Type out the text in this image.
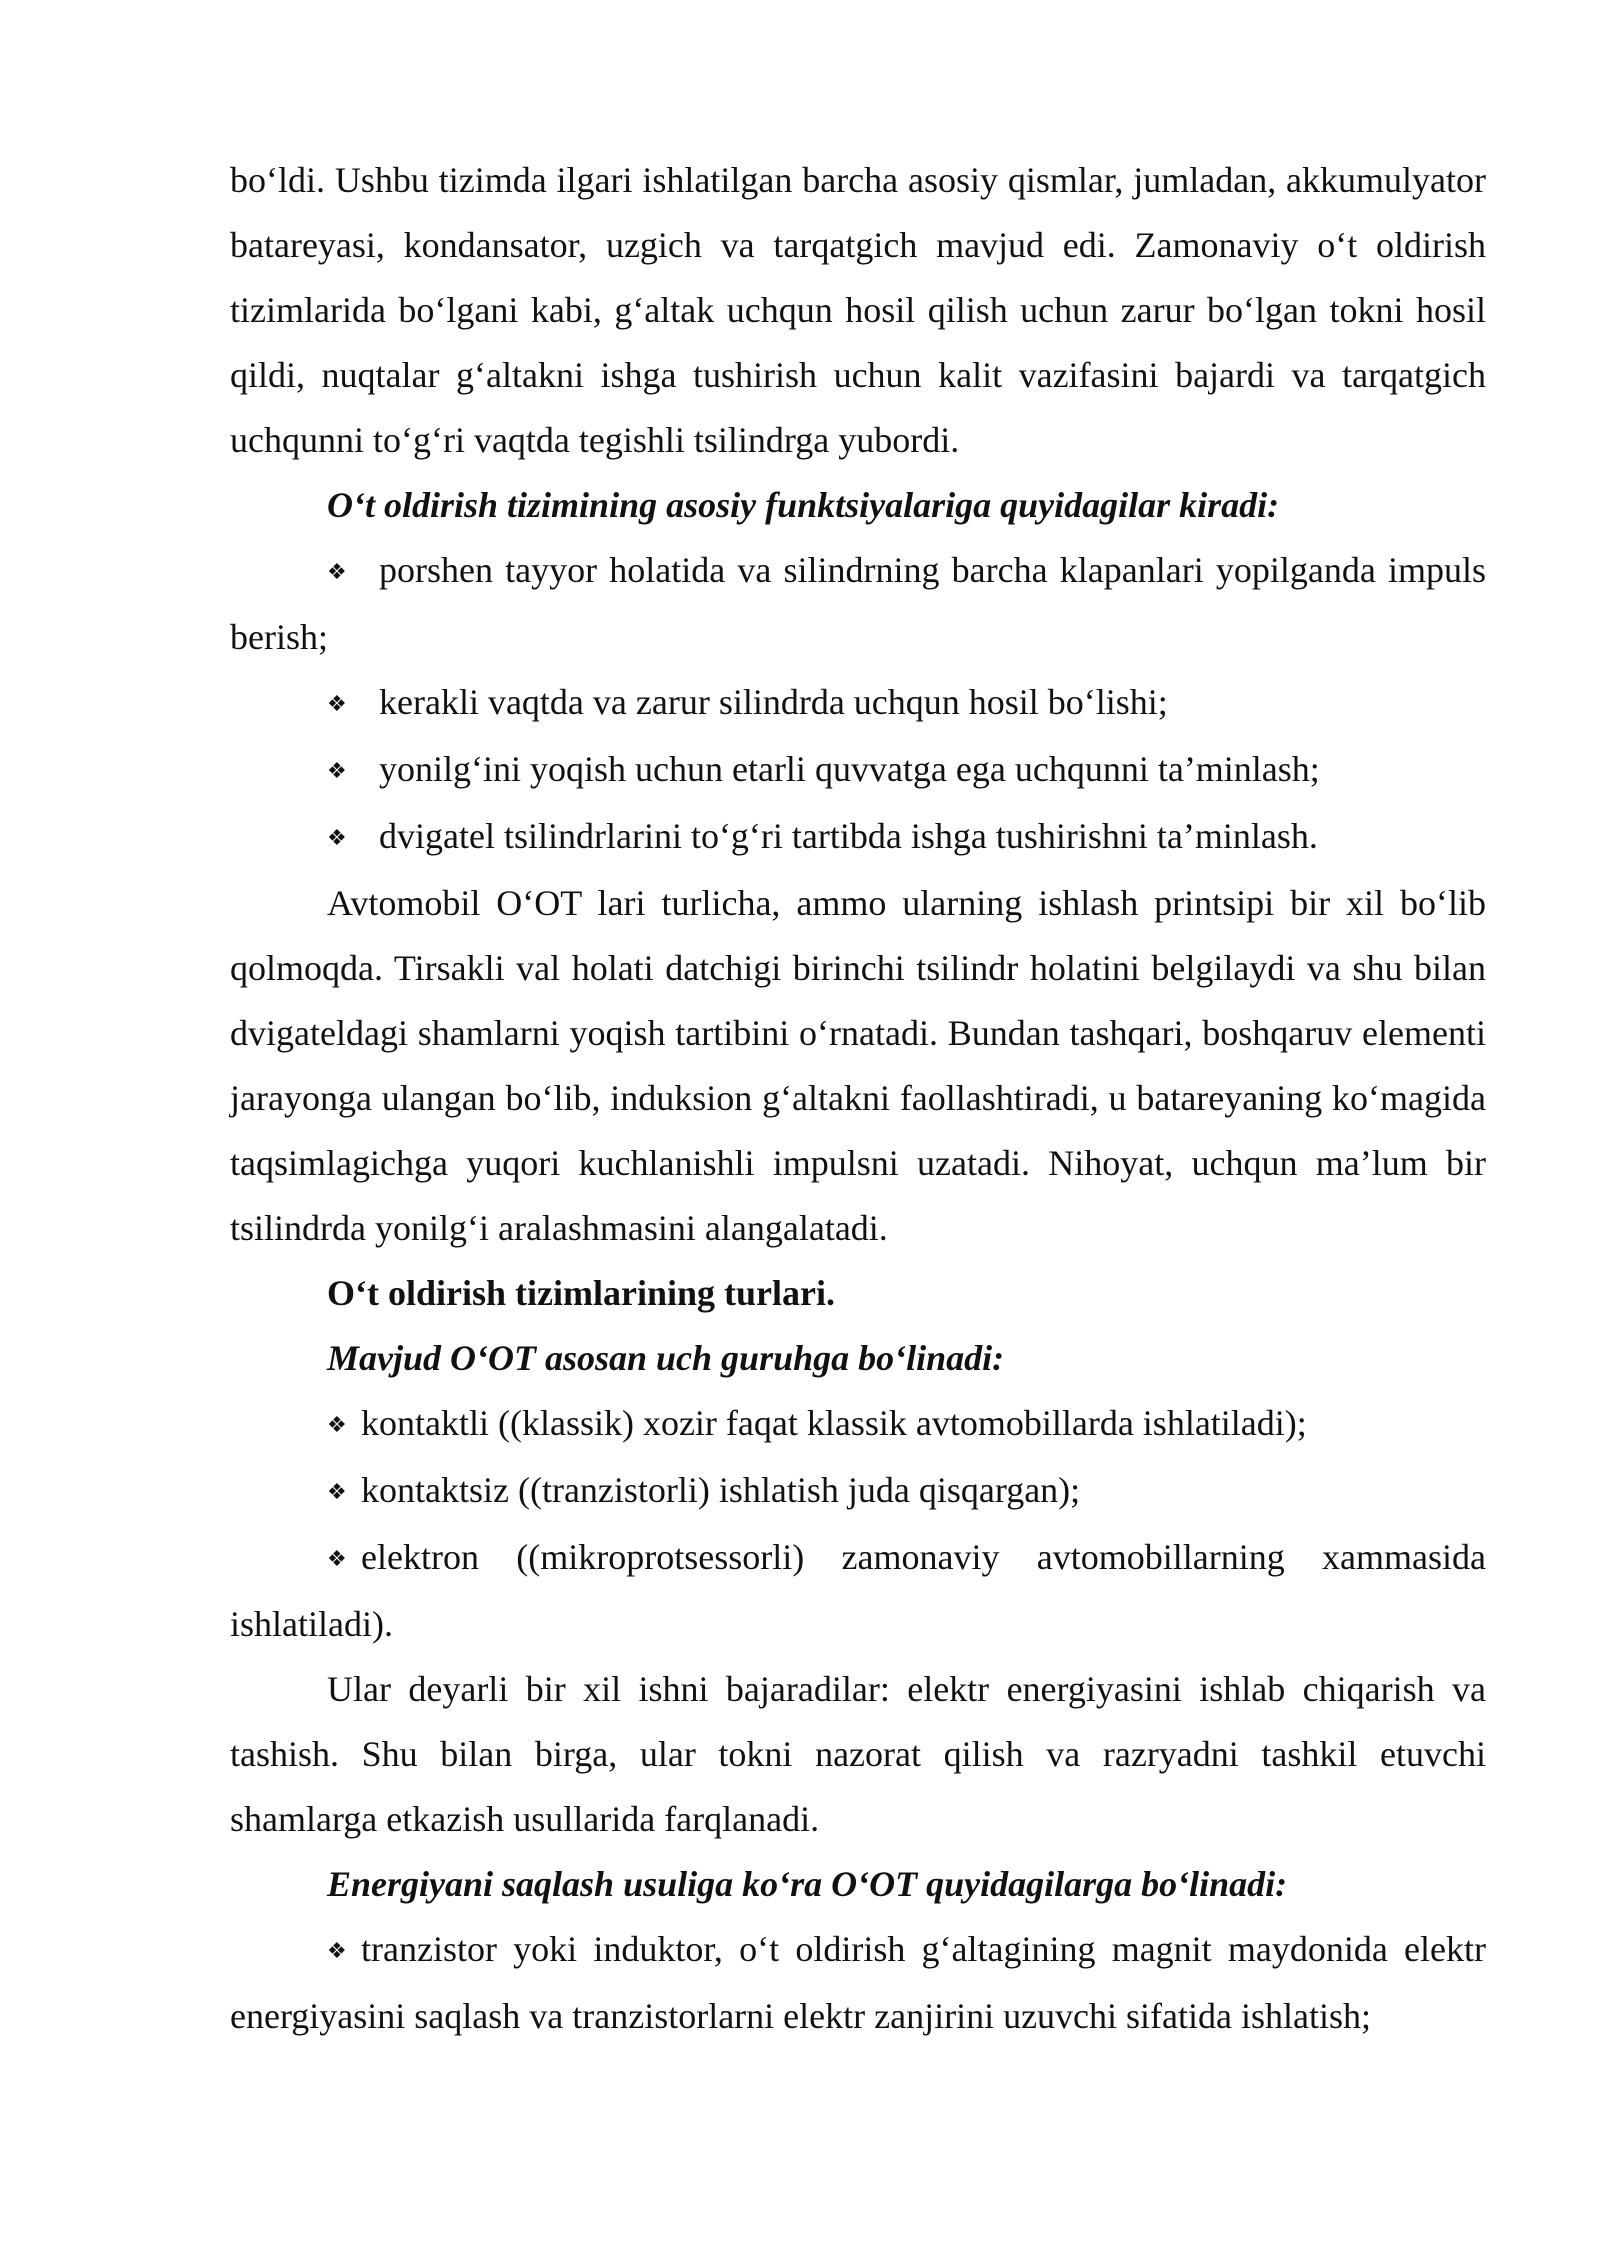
bo‘ldi. Ushbu tizimda ilgari ishlatilgan barcha asosiy qismlar, jumladan, akkumulyator batareyasi, kondansator, uzgich va tarqatgich mavjud edi. Zamonaviy o‘t oldirish tizimlarida bo‘lgani kabi, g‘altak uchqun hosil qilish uchun zarur bo‘lgan tokni hosil qildi, nuqtalar g‘altakni ishga tushirish uchun kalit vazifasini bajardi va tarqatgich uchqunni to‘g‘ri vaqtda tegishli tsilindrga yubordi.

O‘t oldirish tizimining asosiy funktsiyalariga quyidagilar kiradi:

❖ porshen tayyor holatida va silindrning barcha klapanlari yopilganda impuls berish;

❖ kerakli vaqtda va zarur silindrda uchqun hosil bo‘lishi;

❖ yonilg‘ini yoqish uchun etarli quvvatga ega uchqunni ta’minlash;

❖ dvigatel tsilindrlarini to‘g‘ri tartibda ishga tushirishni ta’minlash.

Avtomobil O‘OT lari turlicha, ammo ularning ishlash printsipi bir xil bo‘lib qolmoqda. Tirsakli val holati datchigi birinchi tsilindr holatini belgilaydi va shu bilan dvigateldagi shamlarni yoqish tartibini o‘rnatadi. Bundan tashqari, boshqaruv elementi jarayonga ulangan bo‘lib, induksion g‘altakni faollashtiradi, u batareyaning ko‘magida taqsimlagichga yuqori kuchlanishli impulsni uzatadi. Nihoyat, uchqun ma’lum bir tsilindrda yonilg‘i aralashmasini alangalatadi.

O‘t oldirish tizimlarining turlari.

Mavjud O‘OT asosan uch guruhga bo‘linadi:

❖ kontaktli ((klassik) xozir faqat klassik avtomobillarda ishlatiladi);

❖ kontaktsiz ((tranzistorli) ishlatish juda qisqargan);

❖ elektron ((mikroprotsessorli) zamonaviy avtomobillarning xammasida ishlatiladi).

Ular deyarli bir xil ishni bajaradilar: elektr energiyasini ishlab chiqarish va tashish. Shu bilan birga, ular tokni nazorat qilish va razryadni tashkil etuvchi shamlarga etkazish usullarida farqlanadi.

Energiyani saqlash usuliga ko‘ra O‘OT quyidagilarga bo‘linadi:

❖ tranzistor yoki induktor, o‘t oldirish g‘altagining magnit maydonida elektr energiyasini saqlash va tranzistorlarni elektr zanjirini uzuvchi sifatida ishlatish;
